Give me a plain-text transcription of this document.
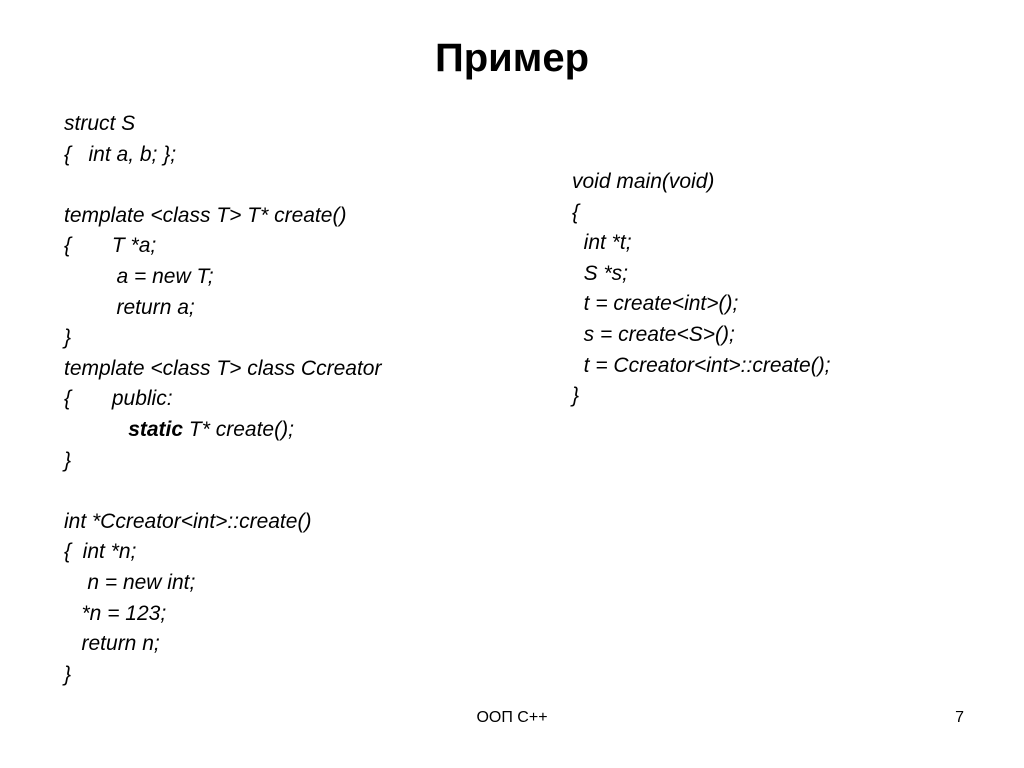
Пример
struct S
{   int a, b; };
template <class T> T* create()
{       T *a;
a = new T;
return a;
}
template <class T> class Ccreator
{       public:
static T* create();
}
int *Ccreator<int>::create()
{  int *n;
n = new int;
*n = 123;
return n;
}
void main(void)
{
int *t;
S *s;
t = create<int>();
s = create<S>();
t = Ccreator<int>::create();
}
ООП C++	7
